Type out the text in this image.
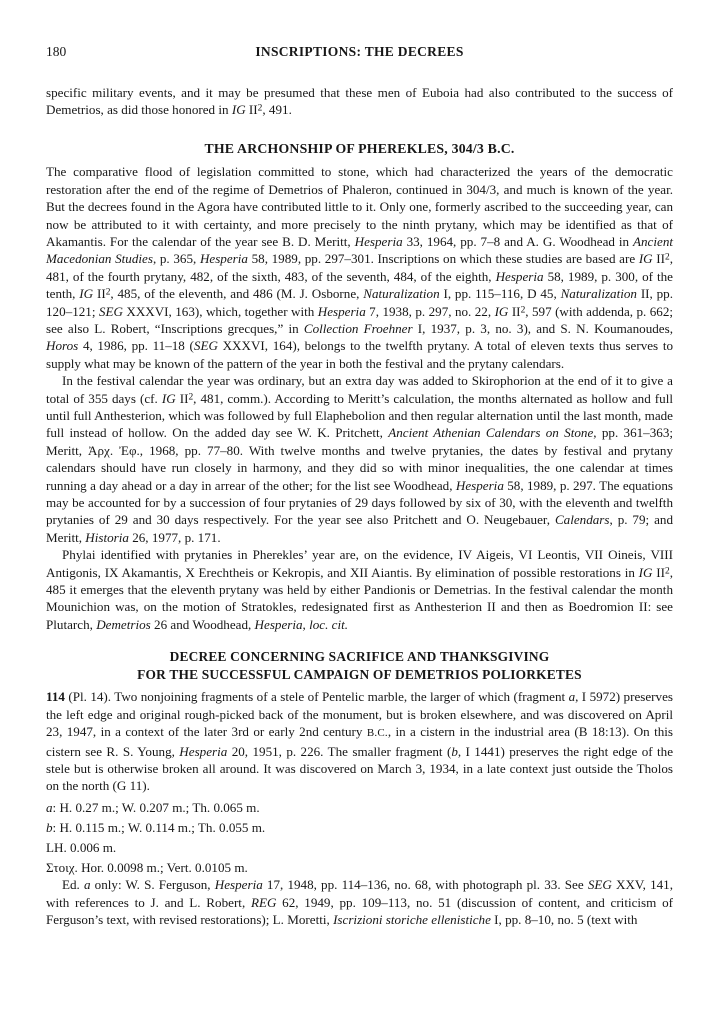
180	INSCRIPTIONS: THE DECREES

specific military events, and it may be presumed that these men of Euboia had also contributed to the success of Demetrios, as did those honored in IG $II^2$, 491.

THE ARCHONSHIP OF PHEREKLES, 304/3 B.C.

The comparative flood of legislation committed to stone, which had characterized the years of the democratic restoration after the end of the regime of Demetrios of Phaleron, continued in 304/3, and much is known of the year. But the decrees found in the Agora have contributed little to it. Only one, formerly ascribed to the succeeding year, can now be attributed to it with certainty, and more precisely to the ninth prytany, which may be identified as that of Akamantis. For the calendar of the year see B. D. Meritt, Hesperia 33, 1964, pp. 7–8 and A. G. Woodhead in Ancient Macedonian Studies, p. 365, Hesperia 58, 1989, pp. 297–301. Inscriptions on which these studies are based are IG $II^2$, 481, of the fourth prytany, 482, of the sixth, 483, of the seventh, 484, of the eighth, Hesperia 58, 1989, p. 300, of the tenth, IG $II^2$, 485, of the eleventh, and 486 (M. J. Osborne, Naturalization I, pp. 115–116, D 45, Naturalization II, pp. 120–121; SEG XXXVI, 163), which, together with Hesperia 7, 1938, p. 297, no. 22, IG $II^2$, 597 (with addenda, p. 662; see also L. Robert, “Inscriptions grecques,” in Collection Froehner I, 1937, p. 3, no. 3), and S. N. Koumanoudes, Horos 4, 1986, pp. 11–18 (SEG XXXVI, 164), belongs to the twelfth prytany. A total of eleven texts thus serves to supply what may be known of the pattern of the year in both the festival and the prytany calendars.

In the festival calendar the year was ordinary, but an extra day was added to Skirophorion at the end of it to give a total of 355 days (cf. IG $II^2$, 481, comm.). According to Meritt’s calculation, the months alternated as hollow and full until full Anthesterion, which was followed by full Elaphebolion and then regular alternation until the last month, made full instead of hollow. On the added day see W. K. Pritchett, Ancient Athenian Calendars on Stone, pp. 361–363; Meritt, Ἀρχ. Ἐφ., 1968, pp. 77–80. With twelve months and twelve prytanies, the dates by festival and prytany calendars should have run closely in harmony, and they did so with minor inequalities, the one calendar at times running a day ahead or a day in arrear of the other; for the list see Woodhead, Hesperia 58, 1989, p. 297. The equations may be accounted for by a succession of four prytanies of 29 days followed by six of 30, with the eleventh and twelfth prytanies of 29 and 30 days respectively. For the year see also Pritchett and O. Neugebauer, Calendars, p. 79; and Meritt, Historia 26, 1977, p. 171.

Phylai identified with prytanies in Pherekles’ year are, on the evidence, IV Aigeis, VI Leontis, VII Oineis, VIII Antigonis, IX Akamantis, X Erechtheis or Kekropis, and XII Aiantis. By elimination of possible restorations in IG $II^2$, 485 it emerges that the eleventh prytany was held by either Pandionis or Demetrias. In the festival calendar the month Mounichion was, on the motion of Stratokles, redesignated first as Anthesterion II and then as Boedromion II: see Plutarch, Demetrios 26 and Woodhead, Hesperia, loc. cit.

DECREE CONCERNING SACRIFICE AND THANKSGIVING
FOR THE SUCCESSFUL CAMPAIGN OF DEMETRIOS POLIORKETES

114 (Pl. 14). Two nonjoining fragments of a stele of Pentelic marble, the larger of which (fragment a, I 5972) preserves the left edge and original rough-picked back of the monument, but is broken elsewhere, and was discovered on April 23, 1947, in a context of the later 3rd or early 2nd century B.C., in a cistern in the industrial area (B 18:13). On this cistern see R. S. Young, Hesperia 20, 1951, p. 226. The smaller fragment (b, I 1441) preserves the right edge of the stele but is otherwise broken all around. It was discovered on March 3, 1934, in a late context just outside the Tholos on the north (G 11).

a: H. 0.27 m.; W. 0.207 m.; Th. 0.065 m.

b: H. 0.115 m.; W. 0.114 m.; Th. 0.055 m.

LH. 0.006 m.

Στοιχ. Hor. 0.0098 m.; Vert. 0.0105 m.

Ed. a only: W. S. Ferguson, Hesperia 17, 1948, pp. 114–136, no. 68, with photograph pl. 33. See SEG XXV, 141, with references to J. and L. Robert, REG 62, 1949, pp. 109–113, no. 51 (discussion of content, and criticism of Ferguson’s text, with revised restorations); L. Moretti, Iscrizioni storiche ellenistiche I, pp. 8–10, no. 5 (text with
